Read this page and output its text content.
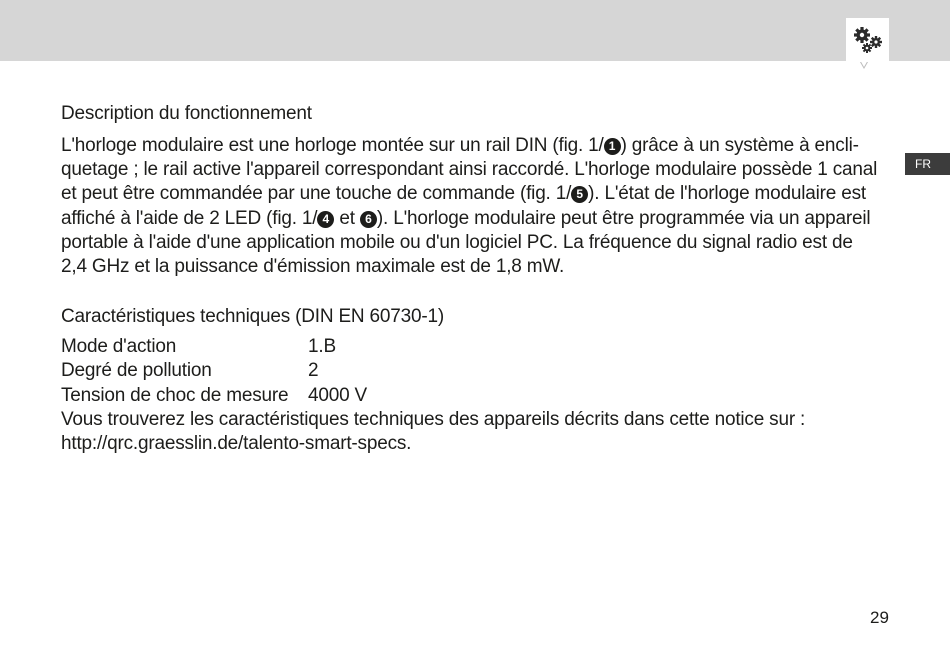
FR
Description du fonctionnement

L'horloge modulaire est une horloge montée sur un rail DIN (fig. 1/ 1 ) grâce à un système à encli-quetage ; le rail active l'appareil correspondant ainsi raccordé. L'horloge modulaire possède 1 canal et peut être commandée par une touche de commande (fig. 1/ 5 ). L'état de l'horloge modulaire est affiché à l'aide de 2 LED (fig. 1/ 4 et 6 ). L'horloge modulaire peut être programmée via un appareil portable à l'aide d'une application mobile ou d'un logiciel PC. La fréquence du signal radio est de 2,4 GHz et la puissance d'émission maximale est de 1,8 mW.

Caractéristiques techniques (DIN EN 60730-1)
Mode d'action	1.B
Degré de pollution	2
Tension de choc de mesure	4000 V

Vous trouverez les caractéristiques techniques des appareils décrits dans cette notice sur : http://qrc.graesslin.de/talento-smart-specs.

29
